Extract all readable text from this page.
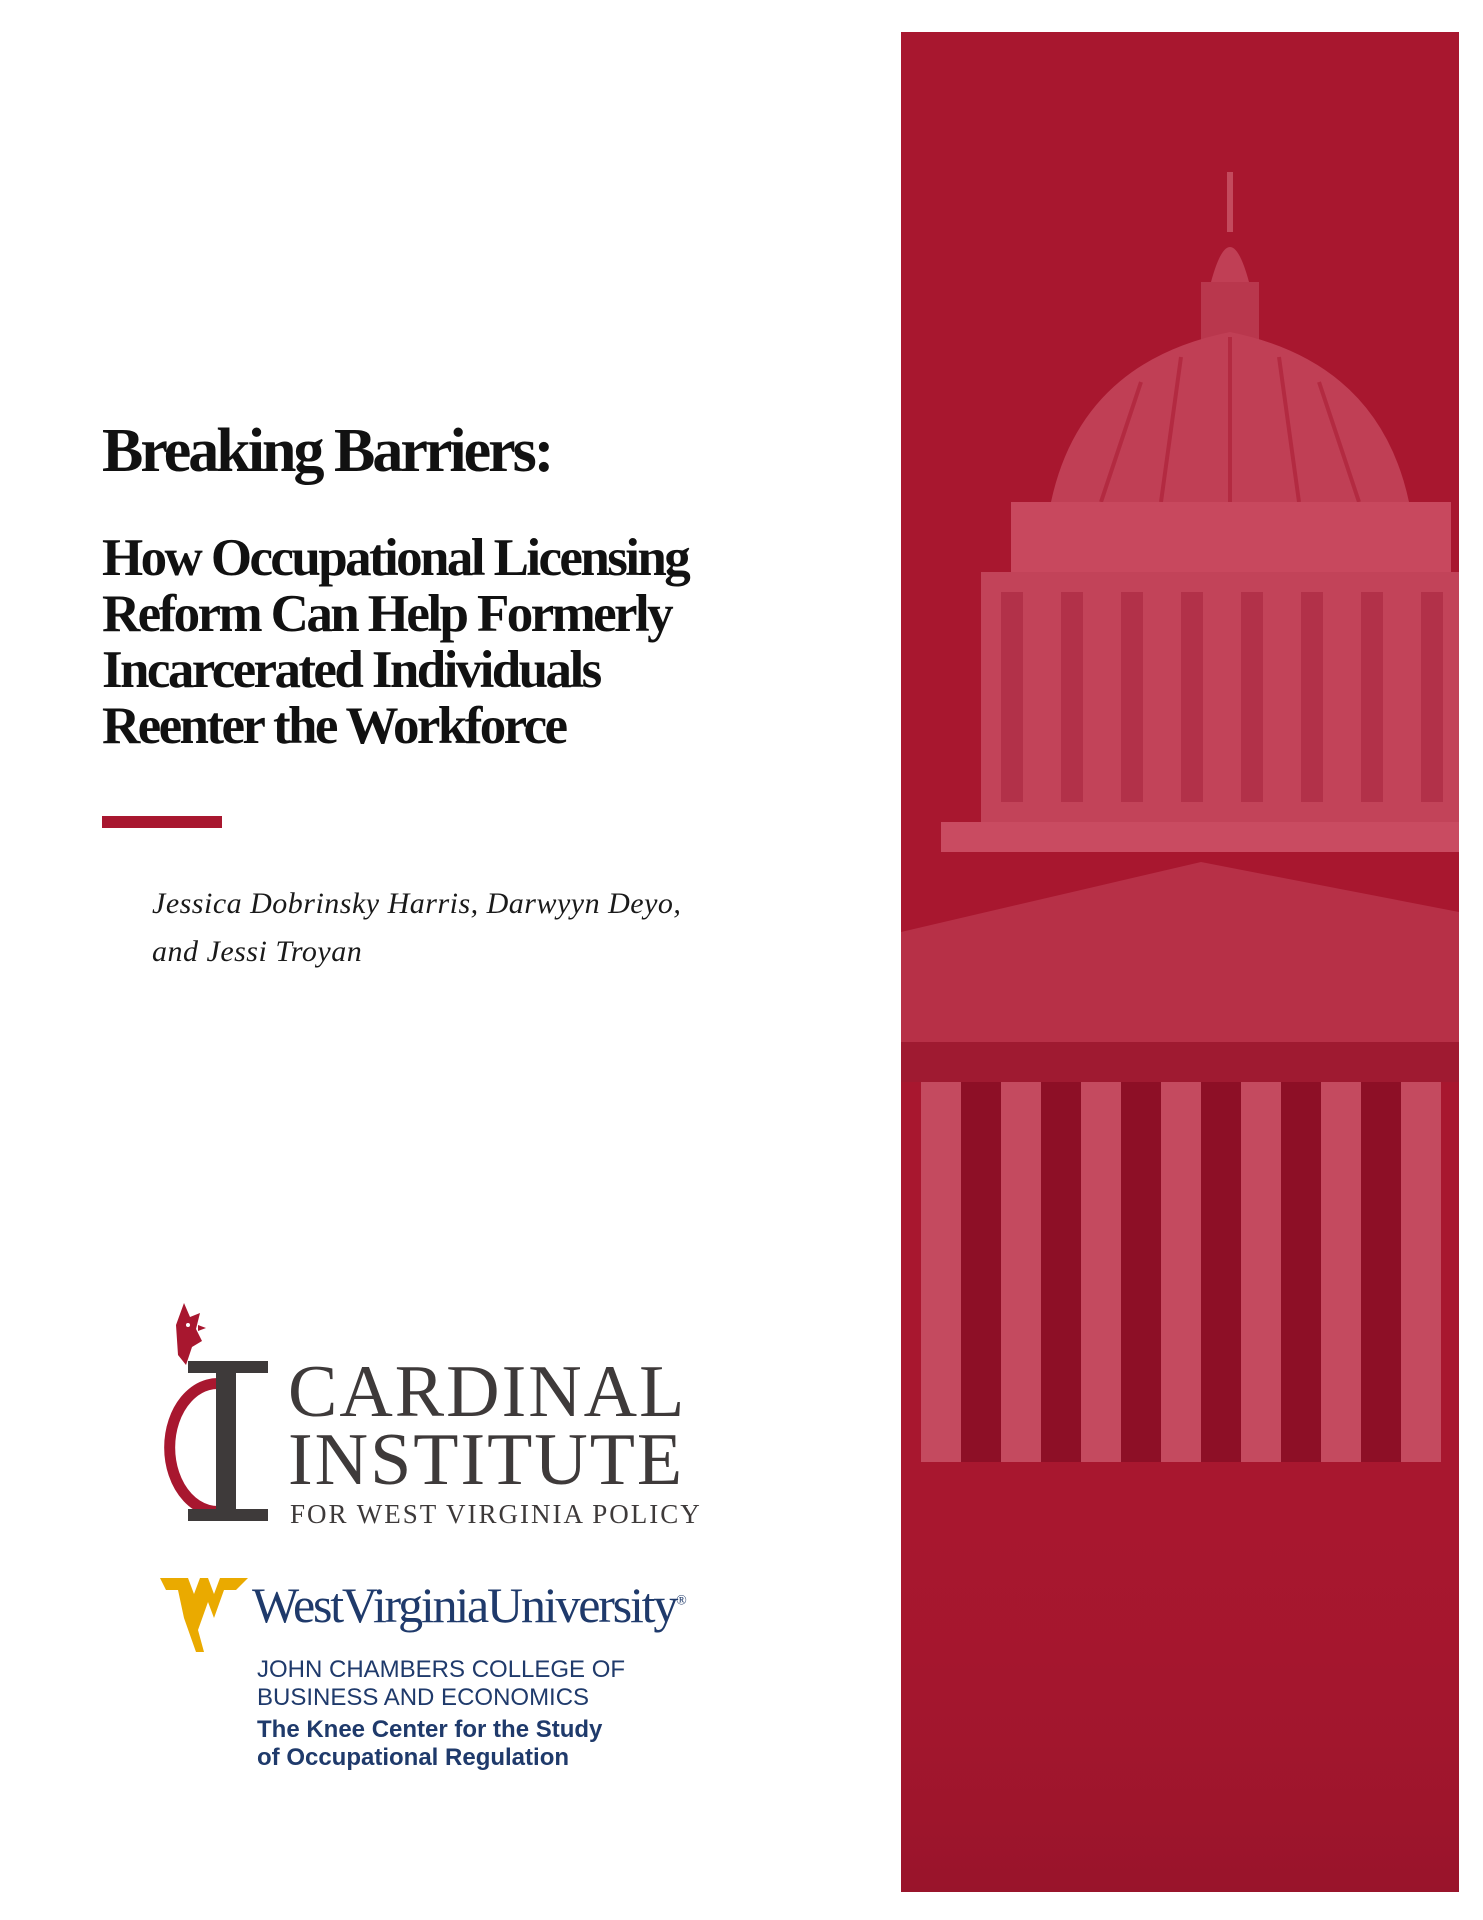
Breaking Barriers:
How Occupational Licensing
Reform Can Help Formerly
Incarcerated Individuals
Reenter the Workforce
Jessica Dobrinsky Harris, Darwyyn Deyo,
and Jessi Troyan
CARDINAL
INSTITUTE
FOR WEST VIRGINIA POLICY
WestVirginiaUniversity®
JOHN CHAMBERS COLLEGE OF
BUSINESS AND ECONOMICS
The Knee Center for the Study
of Occupational Regulation
